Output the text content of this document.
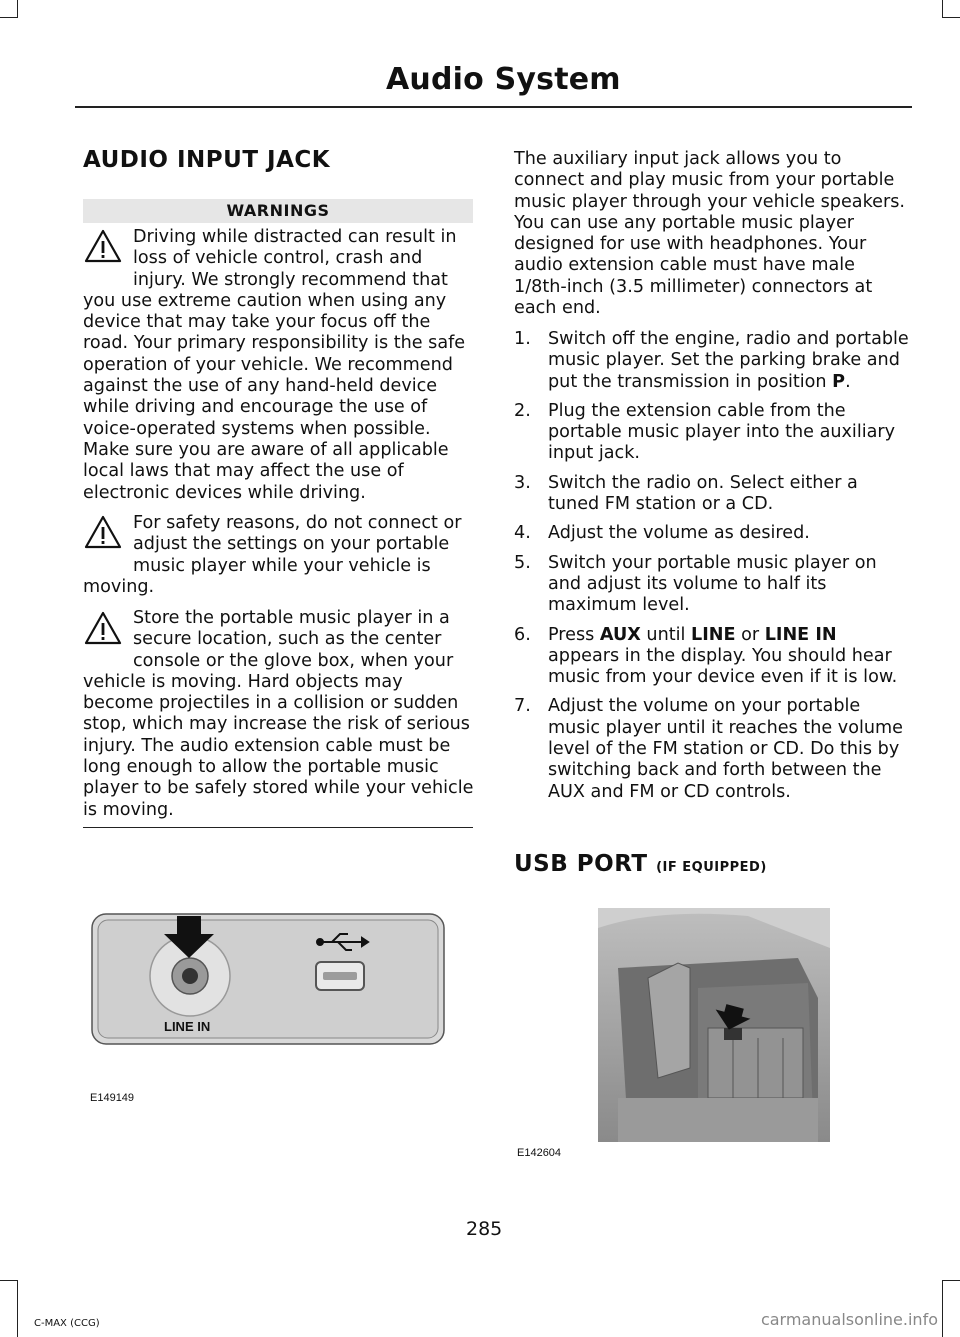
Audio System
AUDIO INPUT JACK
WARNINGS

Driving while distracted can result in loss of vehicle control, crash and injury. We strongly recommend that you use extreme caution when using any device that may take your focus off the road. Your primary responsibility is the safe operation of your vehicle. We recommend against the use of any hand-held device while driving and encourage the use of voice-operated systems when possible. Make sure you are aware of all applicable local laws that may affect the use of electronic devices while driving.

For safety reasons, do not connect or adjust the settings on your portable music player while your vehicle is moving.

Store the portable music player in a secure location, such as the center console or the glove box, when your vehicle is moving. Hard objects may become projectiles in a collision or sudden stop, which may increase the risk of serious injury. The audio extension cable must be long enough to allow the portable music player to be safely stored while your vehicle is moving.

LINE IN
E149149

The auxiliary input jack allows you to connect and play music from your portable music player through your vehicle speakers. You can use any portable music player designed for use with headphones. Your audio extension cable must have male 1/8th-inch (3.5 millimeter) connectors at each end.

1. Switch off the engine, radio and portable music player. Set the parking brake and put the transmission in position P.
2. Plug the extension cable from the portable music player into the auxiliary input jack.
3. Switch the radio on. Select either a tuned FM station or a CD.
4. Adjust the volume as desired.
5. Switch your portable music player on and adjust its volume to half its maximum level.
6. Press AUX until LINE or LINE IN appears in the display. You should hear music from your device even if it is low.
7. Adjust the volume on your portable music player until it reaches the volume level of the FM station or CD. Do this by switching back and forth between the AUX and FM or CD controls.
USB PORT (IF EQUIPPED)
E142604
285
C-MAX (CCG)	carmanualsonline.info
